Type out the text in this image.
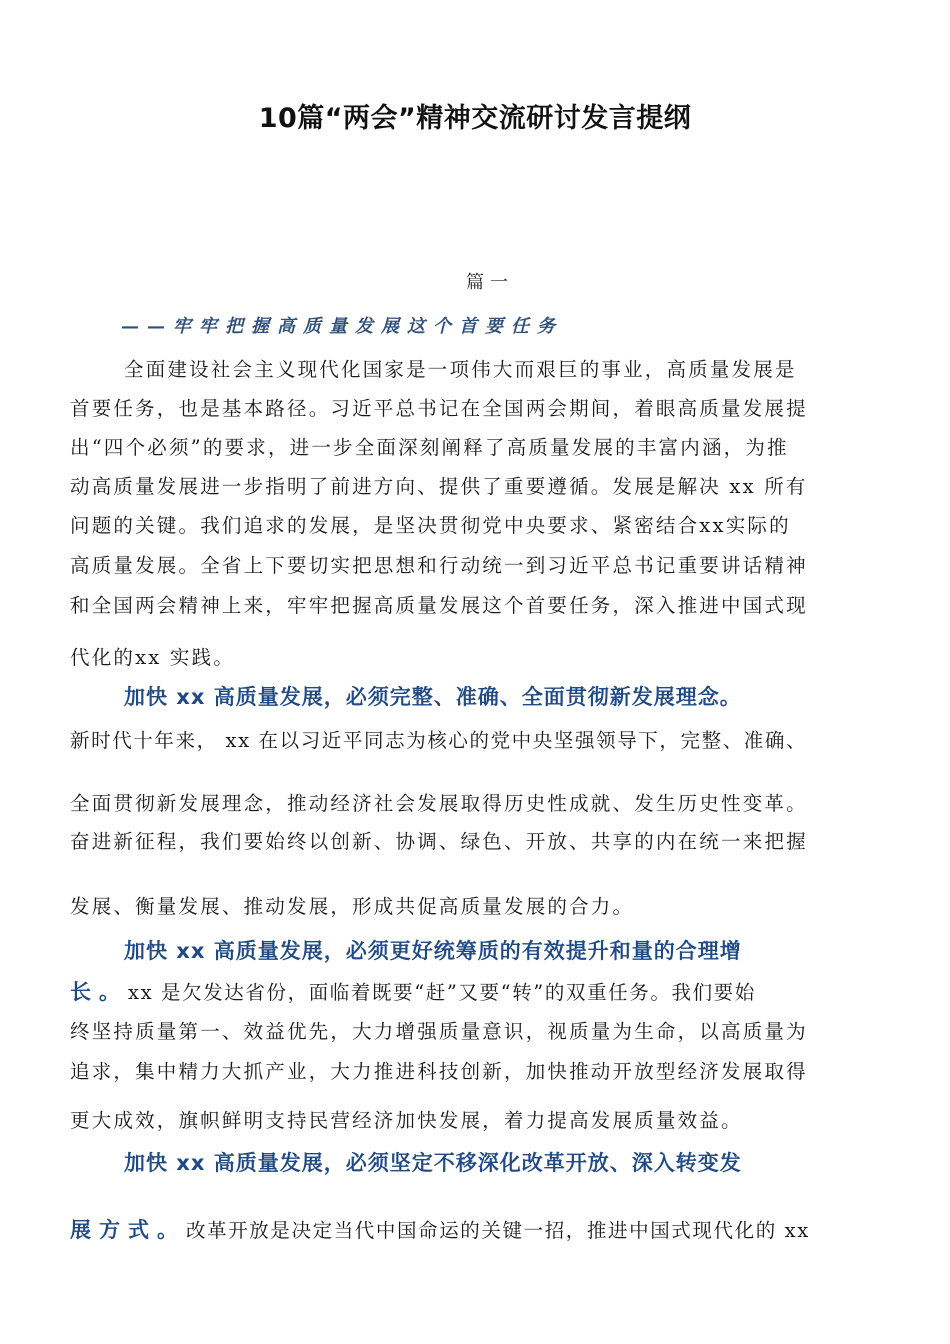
10篇“两会”精神交流研讨发言提纲
篇一
——牢牢把握高质量发展这个首要任务
全面建设社会主义现代化国家是一项伟大而艰巨的事业，高质量发展是
首要任务，也是基本路径。习近平总书记在全国两会期间，着眼高质量发展提
出“四个必须”的要求，进一步全面深刻阐释了高质量发展的丰富内涵，为推
动高质量发展进一步指明了前进方向、提供了重要遵循。发展是解决 xx 所有
问题的关键。我们追求的发展，是坚决贯彻党中央要求、紧密结合xx实际的
高质量发展。全省上下要切实把思想和行动统一到习近平总书记重要讲话精神
和全国两会精神上来，牢牢把握高质量发展这个首要任务，深入推进中国式现
代化的xx 实践。
加快 xx 高质量发展，必须完整、准确、全面贯彻新发展理念。
新时代十年来， xx 在以习近平同志为核心的党中央坚强领导下，完整、准确、
全面贯彻新发展理念，推动经济社会发展取得历史性成就、发生历史性变革。
奋进新征程，我们要始终以创新、协调、绿色、开放、共享的内在统一来把握
发展、衡量发展、推动发展，形成共促高质量发展的合力。
加快 xx 高质量发展，必须更好统筹质的有效提升和量的合理增
长。xx 是欠发达省份，面临着既要“赶”又要“转”的双重任务。我们要始
终坚持质量第一、效益优先，大力增强质量意识，视质量为生命，以高质量为
追求，集中精力大抓产业，大力推进科技创新，加快推动开放型经济发展取得
更大成效，旗帜鲜明支持民营经济加快发展，着力提高发展质量效益。
加快 xx 高质量发展，必须坚定不移深化改革开放、深入转变发
展方式。改革开放是决定当代中国命运的关键一招，推进中国式现代化的 xx
